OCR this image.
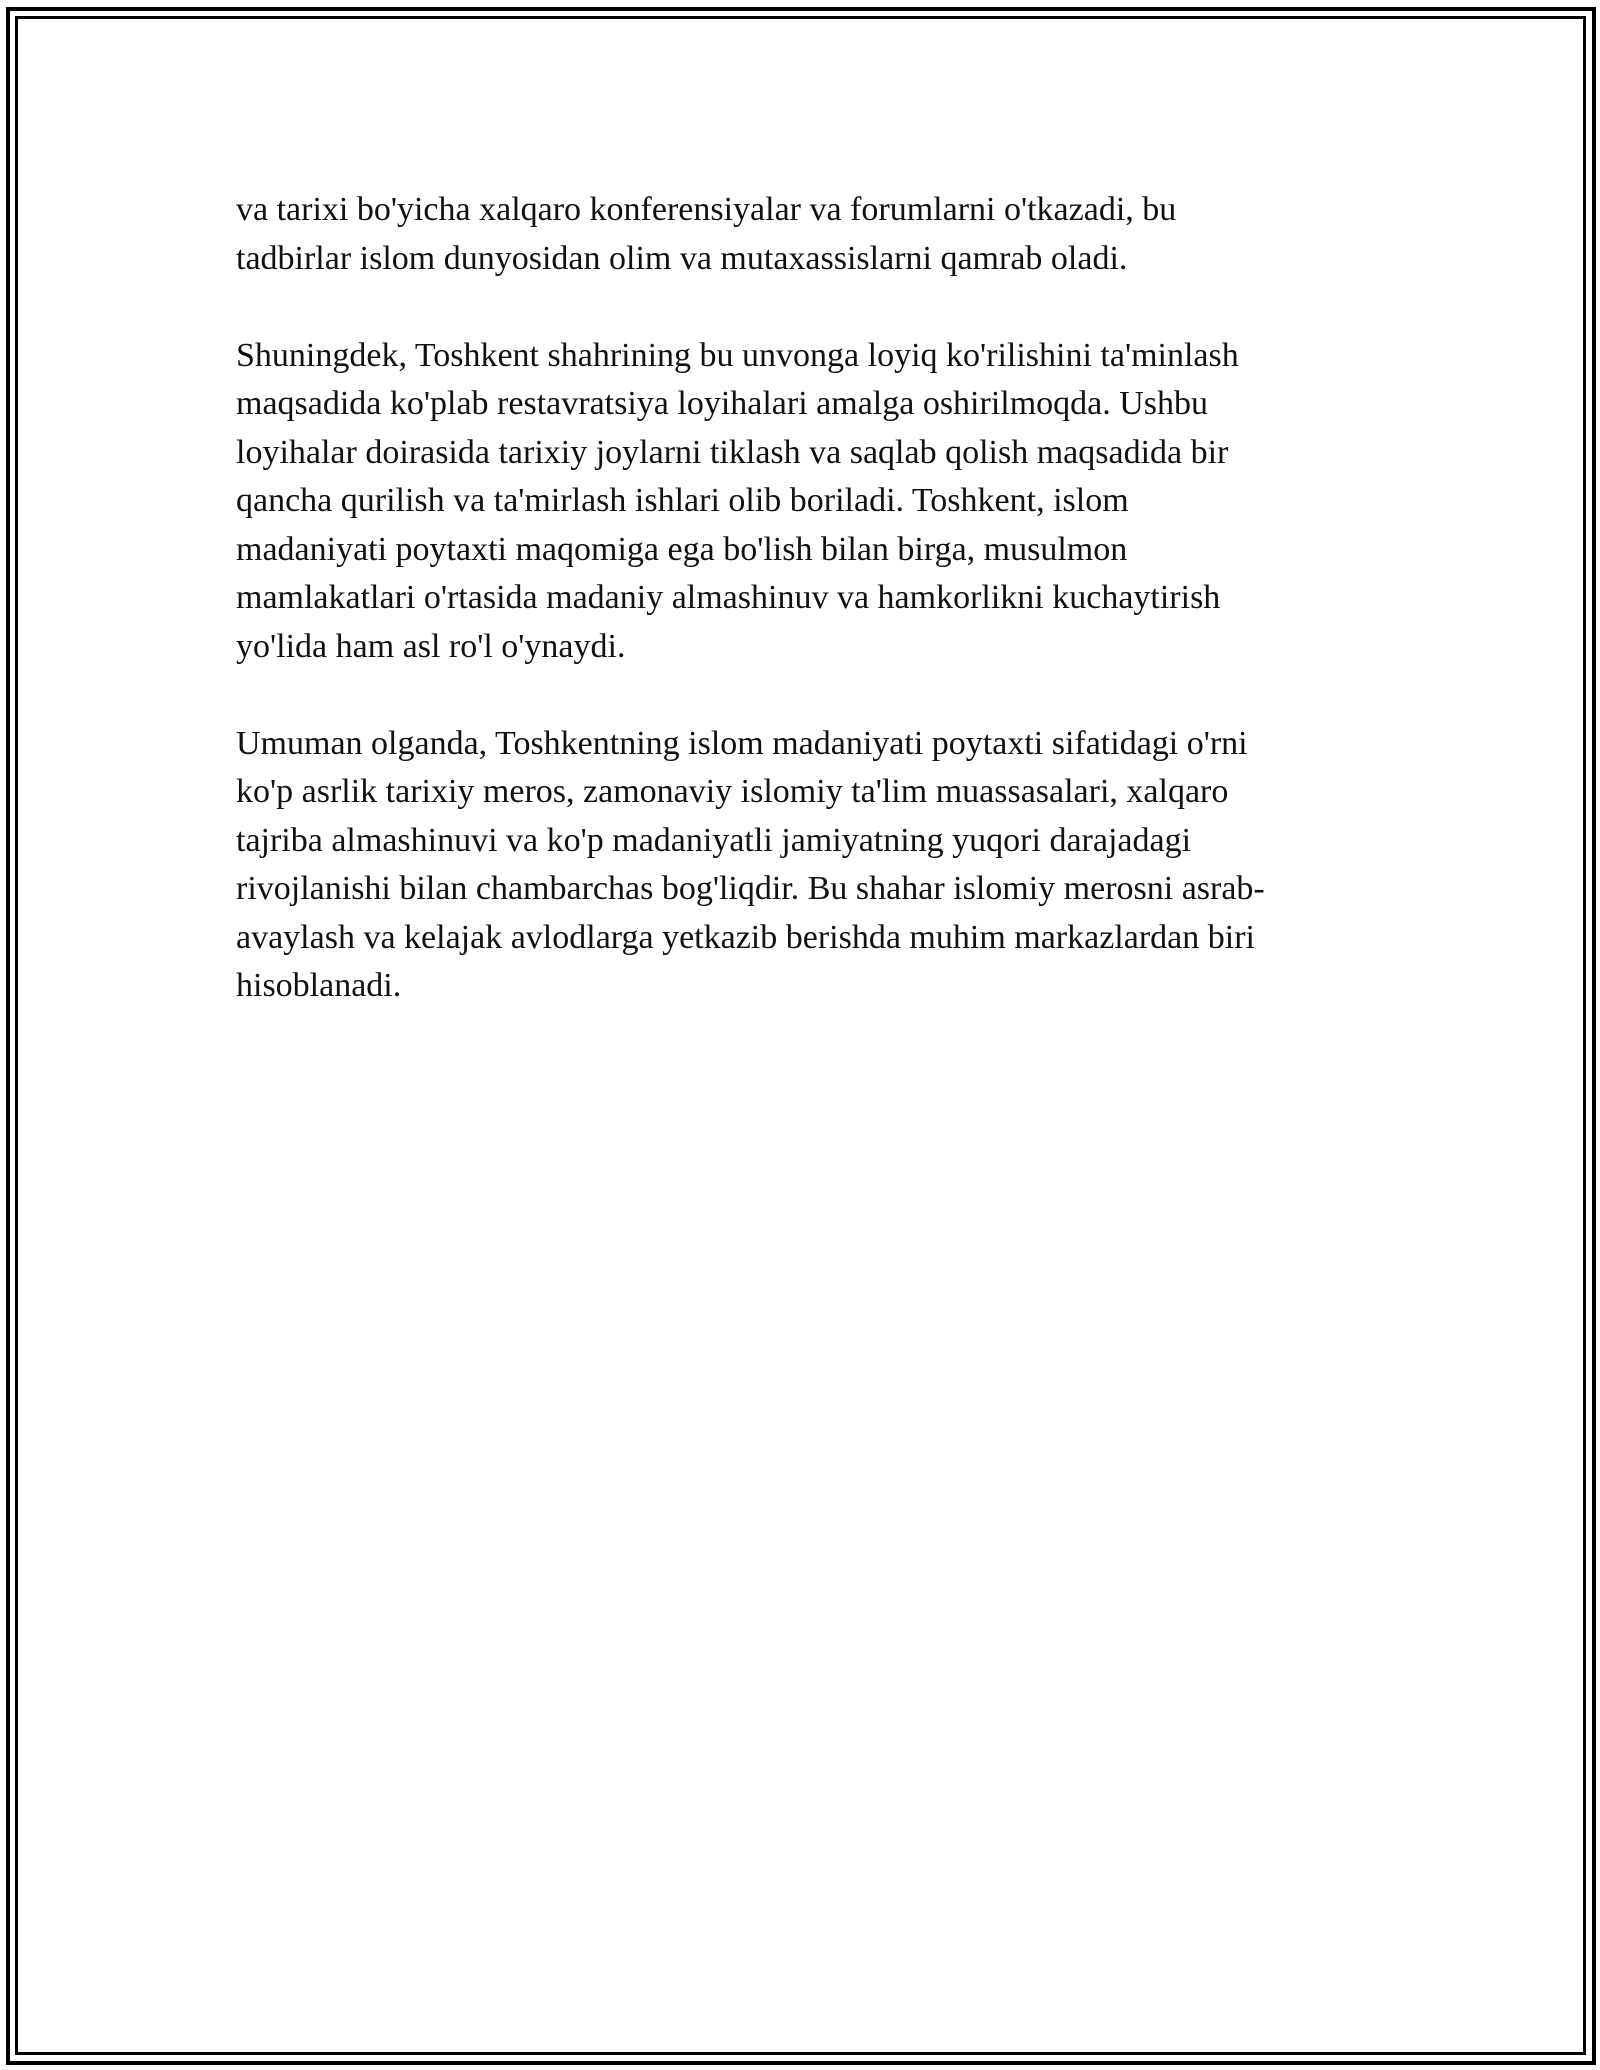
va tarixi bo'yicha xalqaro konferensiyalar va forumlarni o'tkazadi, bu
tadbirlar islom dunyosidan olim va mutaxassislarni qamrab oladi.

Shuningdek, Toshkent shahrining bu unvonga loyiq ko'rilishini ta'minlash
maqsadida ko'plab restavratsiya loyihalari amalga oshirilmoqda. Ushbu
loyihalar doirasida tarixiy joylarni tiklash va saqlab qolish maqsadida bir
qancha qurilish va ta'mirlash ishlari olib boriladi. Toshkent, islom
madaniyati poytaxti maqomiga ega bo'lish bilan birga, musulmon
mamlakatlari o'rtasida madaniy almashinuv va hamkorlikni kuchaytirish
yo'lida ham asl ro'l o'ynaydi.

Umuman olganda, Toshkentning islom madaniyati poytaxti sifatidagi o'rni
ko'p asrlik tarixiy meros, zamonaviy islomiy ta'lim muassasalari, xalqaro
tajriba almashinuvi va ko'p madaniyatli jamiyatning yuqori darajadagi
rivojlanishi bilan chambarchas bog'liqdir. Bu shahar islomiy merosni asrab-
avaylash va kelajak avlodlarga yetkazib berishda muhim markazlardan biri
hisoblanadi.
